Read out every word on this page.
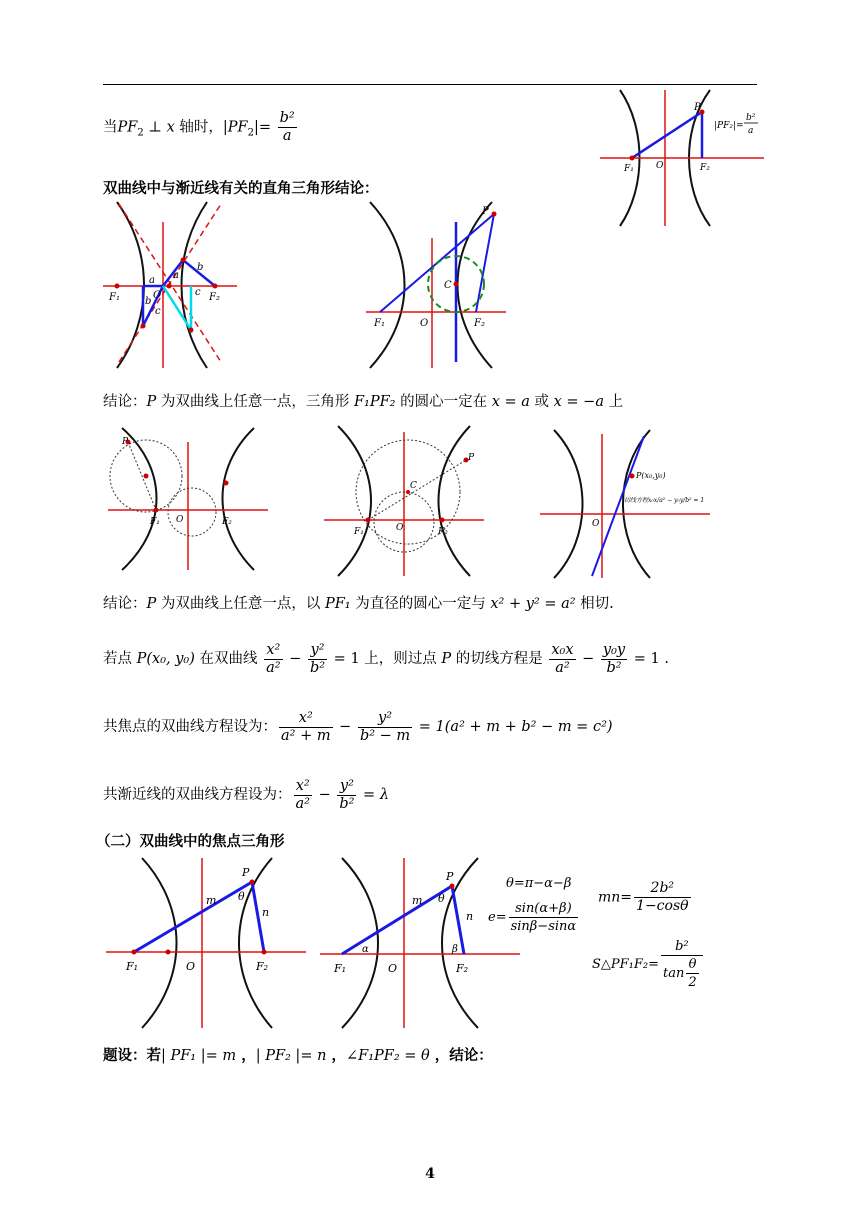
当$PF_2$ ⊥ x 轴时，$|PF_2|= \frac{\text{b²}}{a}$
P
F₁ O	F₂
|PF₂|=
b²
a
双曲线中与渐近线有关的直角三角形结论：
F₁	O	F₂
a a
b
b
c
c
P
C
F₁	O	F₂
结论：P 为双曲线上任意一点，三角形 F₁PF₂ 的圆心一定在 x = a 或 x = −a 上
P
F₁ O	F₂
P
C
F₁	O	F₂
P(x₀,y₀)
O
切线方程 x₀x/a² − y₀y/b² = 1
结论：P 为双曲线上任意一点，以 PF₁ 为直径的圆心一定与 x² + y² = a² 相切.
若点 P(x₀, y₀) 在双曲线 $\frac{\text{x²}}{\text{a²}} - \frac{\text{y²}}{\text{b²}} = 1$ 上，则过点 P 的切线方程是 $\frac{\text{x₀x}}{\text{a²}} - \frac{\text{y₀y}}{\text{b²}} = 1$ .
共焦点的双曲线方程设为： $\frac{\text{x²}}{\text{a² + m}} - \frac{\text{y²}}{\text{b² − m}} = 1(a^2 + m + b^2 - m = c^2)$
共渐近线的双曲线方程设为： $\frac{\text{x²}}{\text{a²}} - \frac{\text{y²}}{\text{b²}} = \lambda$
（二）双曲线中的焦点三角形
P
m
n
θ
F₁	O	F₂
P
m
n
θ
α	β
F₁	O	F₂
θ=π−α−β
$e= \frac{\sin(\alpha+\beta)}{\sin\beta-\sin\alpha}$
$mn= \frac{\text{2b²}}{1-\cos\theta}$
S△PF₁F₂= $\frac{\text{b²}}{\tan \frac{\theta}{2}}$
题设：若| PF₁ |= m ，| PF₂ |= n ，∠F₁PF₂ = θ ，结论：
4
